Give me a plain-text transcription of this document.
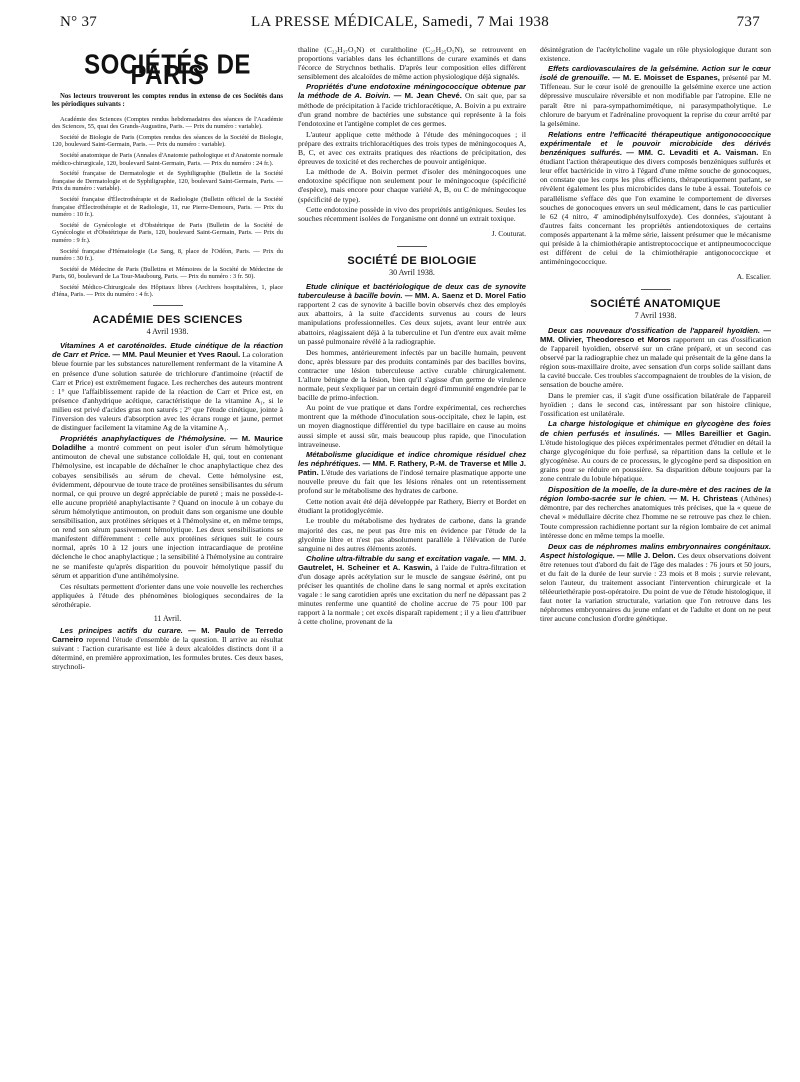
N° 37	LA PRESSE MÉDICALE, Samedi, 7 Mai 1938	737
SOCIÉTÉS DE PARIS

Nos lecteurs trouveront les comptes rendus in extenso de ces Sociétés dans les périodiques suivants :

Académie des Sciences (Comptes rendus hebdomadaires des séances de l'Académie des Sciences, 55, quai des Grands-Augustins, Paris. — Prix du numéro : variable).

Société de Biologie de Paris (Comptes rendus des séances de la Société de Biologie, 120, boulevard Saint-Germain, Paris. — Prix du numéro : variable).

Société anatomique de Paris (Annales d'Anatomie pathologique et d'Anatomie normale médico-chirurgicale, 120, boulevard Saint-Germain, Paris. — Prix du numéro : 24 fr.).

Société française de Dermatologie et de Syphiligraphie (Bulletin de la Société française de Dermatologie et de Syphiligraphie, 120, boulevard Saint-Germain, Paris. — Prix du numéro : variable).

Société française d'Électrothérapie et de Radiologie (Bulletin officiel de la Société française d'Électrothérapie et de Radiologie, 11, rue Pierre-Demours, Paris. — Prix du numéro : 10 fr.).

Société de Gynécologie et d'Obstétrique de Paris (Bulletin de la Société de Gynécologie et d'Obstétrique de Paris, 120, boulevard Saint-Germain, Paris. — Prix du numéro : 9 fr.).

Société française d'Hématologie (Le Sang, 8, place de l'Odéon, Paris. — Prix du numéro : 30 fr.).

Société de Médecine de Paris (Bulletins et Mémoires de la Société de Médecine de Paris, 60, boulevard de La Tour-Maubourg, Paris. — Prix du numéro : 3 fr. 50).

Société Médico-Chirurgicale des Hôpitaux libres (Archives hospitalières, 1, place d'Iéna, Paris. — Prix du numéro : 4 fr.).

ACADÉMIE DES SCIENCES
4 Avril 1938.

Vitamines A et caroténoïdes. Etude cinétique de la réaction de Carr et Price. — MM. Paul Meunier et Yves Raoul. La coloration bleue fournie par les substances naturellement renfermant de la vitamine A en présence d'une solution saturée de trichlorure d'antimoine (réactif de Carr et Price) est extrêmement fugace. Les recherches des auteurs montrent : 1° que l'affaiblissement rapide de la réaction de Carr et Price est, en présence d'anhydrique acétique, caractéristique de la vitamine A₁, si le milieu est privé d'acides gras non saturés ; 2° que l'étude cinétique, jointe à l'inversion des valeurs d'absorption avec les écrans rouge et jaune, permet de distinguer facilement la vitamine Ag de la vitamine A₁.

Propriétés anaphylactiques de l'hémolysine. — M. Maurice Doladilhe a montré comment on peut isoler d'un sérum hémolytique antimouton de cheval une substance colloïdale H, qui, tout en contenant l'hémolysine, est incapable de déchaîner le choc anaphylactique chez des cobayes sensibilisés au sérum de cheval. Cette hémolysine est, évidemment, dépourvue de toute trace de protéines sensibilisantes du sérum normal, ce qui prouve un degré appréciable de pureté ; mais ne possède-t-elle aucune propriété anaphylactisante ? Quand on inocule à un cobaye du sérum hémolytique antimouton, on produit dans son organisme une double sensibilisation, aux protéines sériques et à l'hémolysine et, en même temps, on rend son sérum passivement hémolytique. Les deux sensibilisations se manifestent différemment : celle aux protéines sériques suit le cours normal, après 10 à 12 jours une injection intracardiaque de protéine déclenche le choc anaphylactique ; la sensibilité à l'hémolysine au contraire ne se manifeste qu'après disparition du pouvoir hémolytique passif du sérum et apparition d'une antihémolysine.

Ces résultats permettent d'orienter dans une voie nouvelle les recherches appliquées à l'étude des phénomènes biologiques secondaires de la sérothérapie.

11 Avril.

Les principes actifs du curare. — M. Paulo de Terredo Carneiro reprend l'étude d'ensemble de la question. Il arrive au résultat suivant : l'action curarisante est liée à deux alcaloïdes distincts dont il a déterminé, en première approximation, les formules brutes. Ces deux bases, strychnoli-

thaline (C₂₂H₂₇O₃N) et curaltholine (C₂₅H₂₅O₅N), se retrouvent en proportions variables dans les échantillons de curare examinés et dans l'écorce de Strychnos bethalis. D'après leur composition elles diffèrent sensiblement des alcaloïdes de même action physiologique déjà signalés.

Propriétés d'une endotoxine méningococcique obtenue par la méthode de A. Boivin. — M. Jean Chevé. On sait que, par sa méthode de précipitation à l'acide trichloracétique, A. Boivin a pu extraire d'un grand nombre de bactéries une substance qui représente à la fois l'endotoxine et l'antigène complet de ces germes.

L'auteur applique cette méthode à l'étude des méningocoques ; il prépare des extraits trichloracétiques des trois types de méningocoques A, B, C, et avec ces extraits pratiques des réactions de précipitation, des épreuves de toxicité et des recherches de pouvoir antigénique.

La méthode de A. Boivin permet d'isoler des méningocoques une endotoxine spécifique non seulement pour le méningocoque (spécificité d'espèce), mais encore pour chaque variété A, B, ou C de méningocoque (spécificité de type).

Cette endotoxine possède in vivo des propriétés antigéniques. Seules les souches récemment isolées de l'organisme ont donné un extrait toxique.

J. Couturat.
SOCIÉTÉ DE BIOLOGIE
30 Avril 1938.

Etude clinique et bactériologique de deux cas de synovite tuberculeuse à bacille bovin. — MM. A. Saenz et D. Morel Fatio rapportent 2 cas de synovite à bacille bovin observés chez des employés aux abattoirs, à la suite d'accidents survenus au cours de leurs manipulations professionnelles. Ces deux sujets, avant leur entrée aux abattoirs, réagissaient déjà à la tuberculine et l'un d'entre eux avait même un passé pulmonaire révélé à la radiographie.

Des hommes, antérieurement infectés par un bacille humain, peuvent donc, après blessure par des produits contaminés par des bacilles bovins, contracter une lésion tuberculeuse active curable chirurgicalement. L'allure bénigne de la lésion, bien qu'il s'agisse d'un germe de virulence normale, peut s'expliquer par un certain degré d'immunité engendrée par le bacille de primo-infection.

Au point de vue pratique et dans l'ordre expérimental, ces recherches montrent que la méthode d'inoculation sous-occipitale, chez le lapin, est un moyen diagnostique différentiel du type bacillaire en cause au moins aussi simple et aussi sûr, mais beaucoup plus rapide, que l'inoculation intraveineuse.

Métabolisme glucidique et indice chromique résiduel chez les néphrétiques. — MM. F. Rathery, P.-M. de Traverse et Mlle J. Patin. L'étude des variations de l'indosé ternaire plasmatique apporte une nouvelle preuve du fait que les lésions rénales ont un retentissement profond sur le métabolisme des hydrates de carbone.

Cette notion avait été déjà développée par Rathery, Bierry et Bordet en étudiant la protidoglycémie.

Le trouble du métabolisme des hydrates de carbone, dans la grande majorité des cas, ne peut pas être mis en évidence par l'étude de la glycémie libre et n'est pas absolument parallèle à l'élévation de l'urée sanguine ni des autres éléments azotés.

Choline ultra-filtrable du sang et excitation vagale. — MM. J. Gautrelet, H. Scheiner et A. Kaswin, à l'aide de l'ultra-filtration et d'un dosage après acétylation sur le muscle de sangsue ésériné, ont pu préciser les quantités de choline dans le sang normal et après excitation vagale : le sang carotidien après une excitation du nerf ne dépassant pas 2 minutes renferme une quantité de choline accrue de 75 pour 100 par rapport à la normale ; cet excès disparaît rapidement ; il y a lieu d'attribuer à cette choline, provenant de la

désintégration de l'acétylcholine vagale un rôle physiologique durant son existence.

Effets cardiovasculaires de la gelsémine. Action sur le cœur isolé de grenouille. — M. E. Moisset de Espanes, présenté par M. Tiffeneau. Sur le cœur isolé de grenouille la gelsémine exerce une action dépressive musculaire réversible et non modifiable par l'atropine. Elle ne paraît être ni para-sympathomimétique, ni parasympatholytique. Le chlorure de baryum et l'adrénaline provoquent la reprise du cœur arrêté par la gelsémine.

Relations entre l'efficacité thérapeutique antigonococcique expérimentale et le pouvoir microbicide des dérivés benzéniques sulfurés. — MM. C. Levaditi et A. Vaisman. En étudiant l'action thérapeutique des divers composés benzéniques sulfurés et leur effet bactéricide in vitro à l'égard d'une même souche de gonocoques, on constate que les corps les plus efficients, thérapeutiquement parlant, se révèlent également les plus microbicides dans le tube à essai. Toutefois ce parallélisme s'efface dès que l'on examine le comportement de diverses souches de gonocoques envers un seul médicament, dans le cas particulier le 62 (4 nitro, 4' aminodiphénylsulfoxyde). Ces données, s'ajoutant à d'autres faits concernant les propriétés antiendotoxiques de certains composés appartenant à la même série, laissent présumer que le mécanisme qui préside à la chimiothérapie antistreptococcique et antipneumococcique est différent de celui de la chimiothérapie antigonococcique et antiméningococcique.

A. Escalier.
SOCIÉTÉ ANATOMIQUE
7 Avril 1938.

Deux cas nouveaux d'ossification de l'appareil hyoïdien. — MM. Olivier, Theodoresco et Moros rapportent un cas d'ossification de l'appareil hyoïdien, observé sur un crâne préparé, et un second cas observé par la radiographie chez un malade qui présentait de la gêne dans la région sous-maxillaire droite, avec sensation d'un corps solide saillant dans la cavité buccale. Ces troubles s'accompagnaient de troubles de la vision, de sensation de bouche amère.

Dans le premier cas, il s'agit d'une ossification bilatérale de l'appareil hyoïdien ; dans le second cas, intéressant par son histoire clinique, l'ossification est unilatérale.

La charge histologique et chimique en glycogène des foies de chien perfusés et insulinés. — Mlles Bareillier et Gagin. L'étude histologique des pièces expérimentales permet d'étudier en détail la charge glycogénique du foie perfusé, sa répartition dans la cellule et le glycogénèse. Au cours de ce processus, le glycogène perd sa disposition en grains pour se réduire en poussière. Sa disparition débute toujours par la zone centrale du lobule hépatique.

Disposition de la moelle, de la dure-mère et des racines de la région lombo-sacrée sur le chien. — M. H. Christeas (Athènes) démontre, par des recherches anatomiques très précises, que la « queue de cheval » médullaire décrite chez l'homme ne se retrouve pas chez le chien. Toute compression rachidienne portant sur la région lombaire de cet animal intéresse donc en même temps la moelle.

Deux cas de néphromes malins embryonnaires congénitaux. Aspect histologique. — Mlle J. Delon. Ces deux observations doivent être retenues tout d'abord du fait de l'âge des malades : 76 jours et 50 jours, et du fait de la durée de leur survie : 23 mois et 8 mois ; survie relevant, selon l'auteur, du traitement associant l'intervention chirurgicale et la téléeuriethérapie post-opératoire. Du point de vue de l'étude histologique, il faut noter la variation structurale, variation que l'on retrouve dans les néphromes embryonnaires du jeune enfant et de l'adulte et dont on ne peut tirer aucune conclusion d'ordre génétique.
